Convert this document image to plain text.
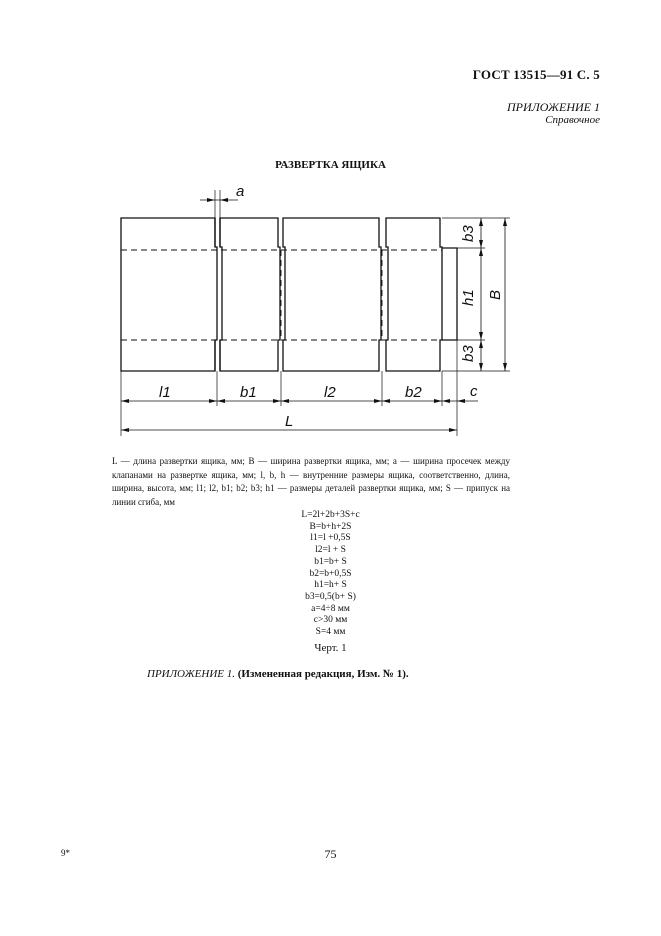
ГОСТ 13515—91 С. 5
ПРИЛОЖЕНИЕ 1
Справочное
РАЗВЕРТКА ЯЩИКА
a
l1	b1	l2	b2	c
L
b3
h1
b3
B
L — длина развертки ящика, мм; B — ширина развертки ящика, мм; a — ширина просечек между клапанами на развертке ящика, мм; l, b, h — внутренние размеры ящика, соответственно, длина, ширина, высота, мм; l1; l2, b1; b2; b3; h1 — размеры деталей развертки ящика, мм; S — припуск на линии сгиба, мм
L=2l+2b+3S+c
B=b+h+2S
l1=l +0,5S
l2=l + S
b1=b+ S
b2=b+0,5S
h1=h+ S
b3=0,5(b+ S)
a=4÷8 мм
c>30 мм
S=4 мм
Черт. 1
ПРИЛОЖЕНИЕ 1. (Измененная редакция, Изм. № 1).
9*	75
